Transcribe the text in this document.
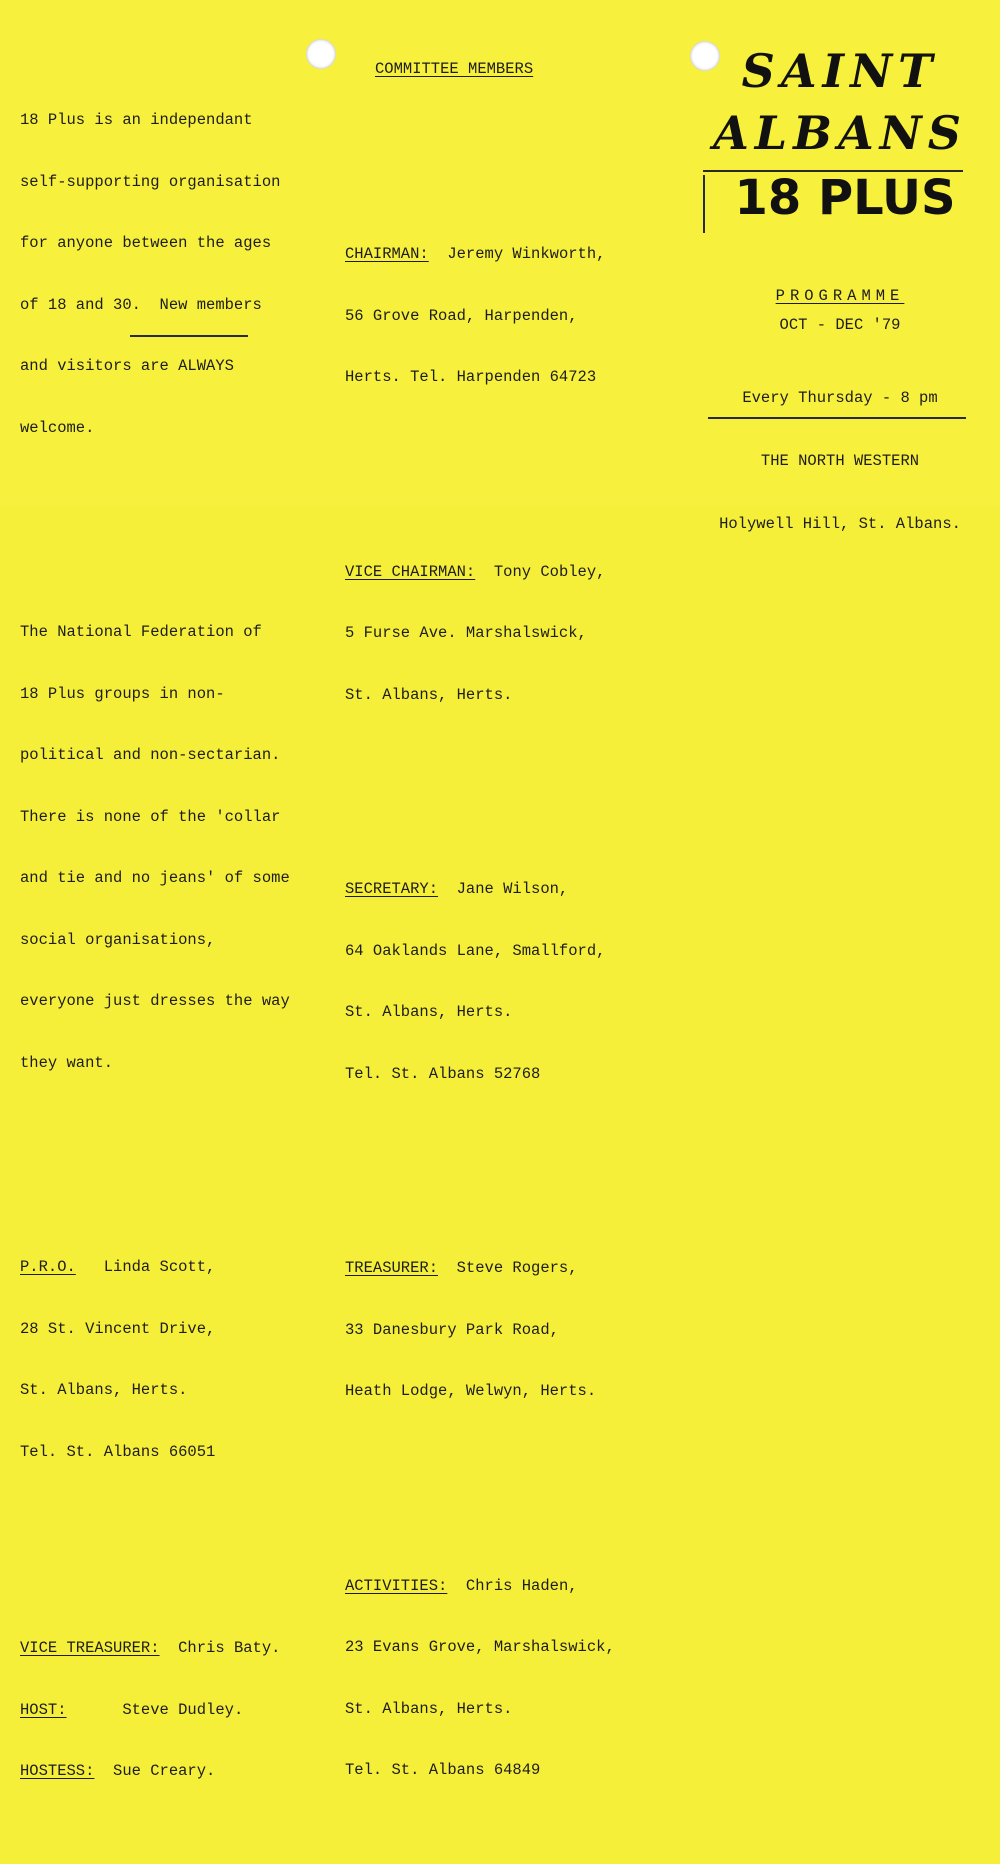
18 Plus is an independant

self-supporting organisation

for anyone between the ages

of 18 and 30.  New members

and visitors are ALWAYS

welcome.

The National Federation of

18 Plus groups in non-

political and non-sectarian.

There is none of the 'collar

and tie and no jeans' of some

social organisations,

everyone just dresses the way

they want.

P.R.O.   Linda Scott,

28 St. Vincent Drive,

St. Albans, Herts.

Tel. St. Albans 66051

VICE TREASURER:  Chris Baty.

HOST:      Steve Dudley.

HOSTESS:  Sue Creary.

COMMITTEE MEMBERS

CHAIRMAN:  Jeremy Winkworth,

56 Grove Road, Harpenden,

Herts. Tel. Harpenden 64723

VICE CHAIRMAN:  Tony Cobley,

5 Furse Ave. Marshalswick,

St. Albans, Herts.

SECRETARY:  Jane Wilson,

64 Oaklands Lane, Smallford,

St. Albans, Herts.

Tel. St. Albans 52768

TREASURER:  Steve Rogers,

33 Danesbury Park Road,

Heath Lodge, Welwyn, Herts.

ACTIVITIES:  Chris Haden,

23 Evans Grove, Marshalswick,

St. Albans, Herts.

Tel. St. Albans 64849

SAINT
ALBANS
18 PLUS
PROGRAMME
OCT - DEC '79

Every Thursday - 8 pm

THE NORTH WESTERN

Holywell Hill, St. Albans.
